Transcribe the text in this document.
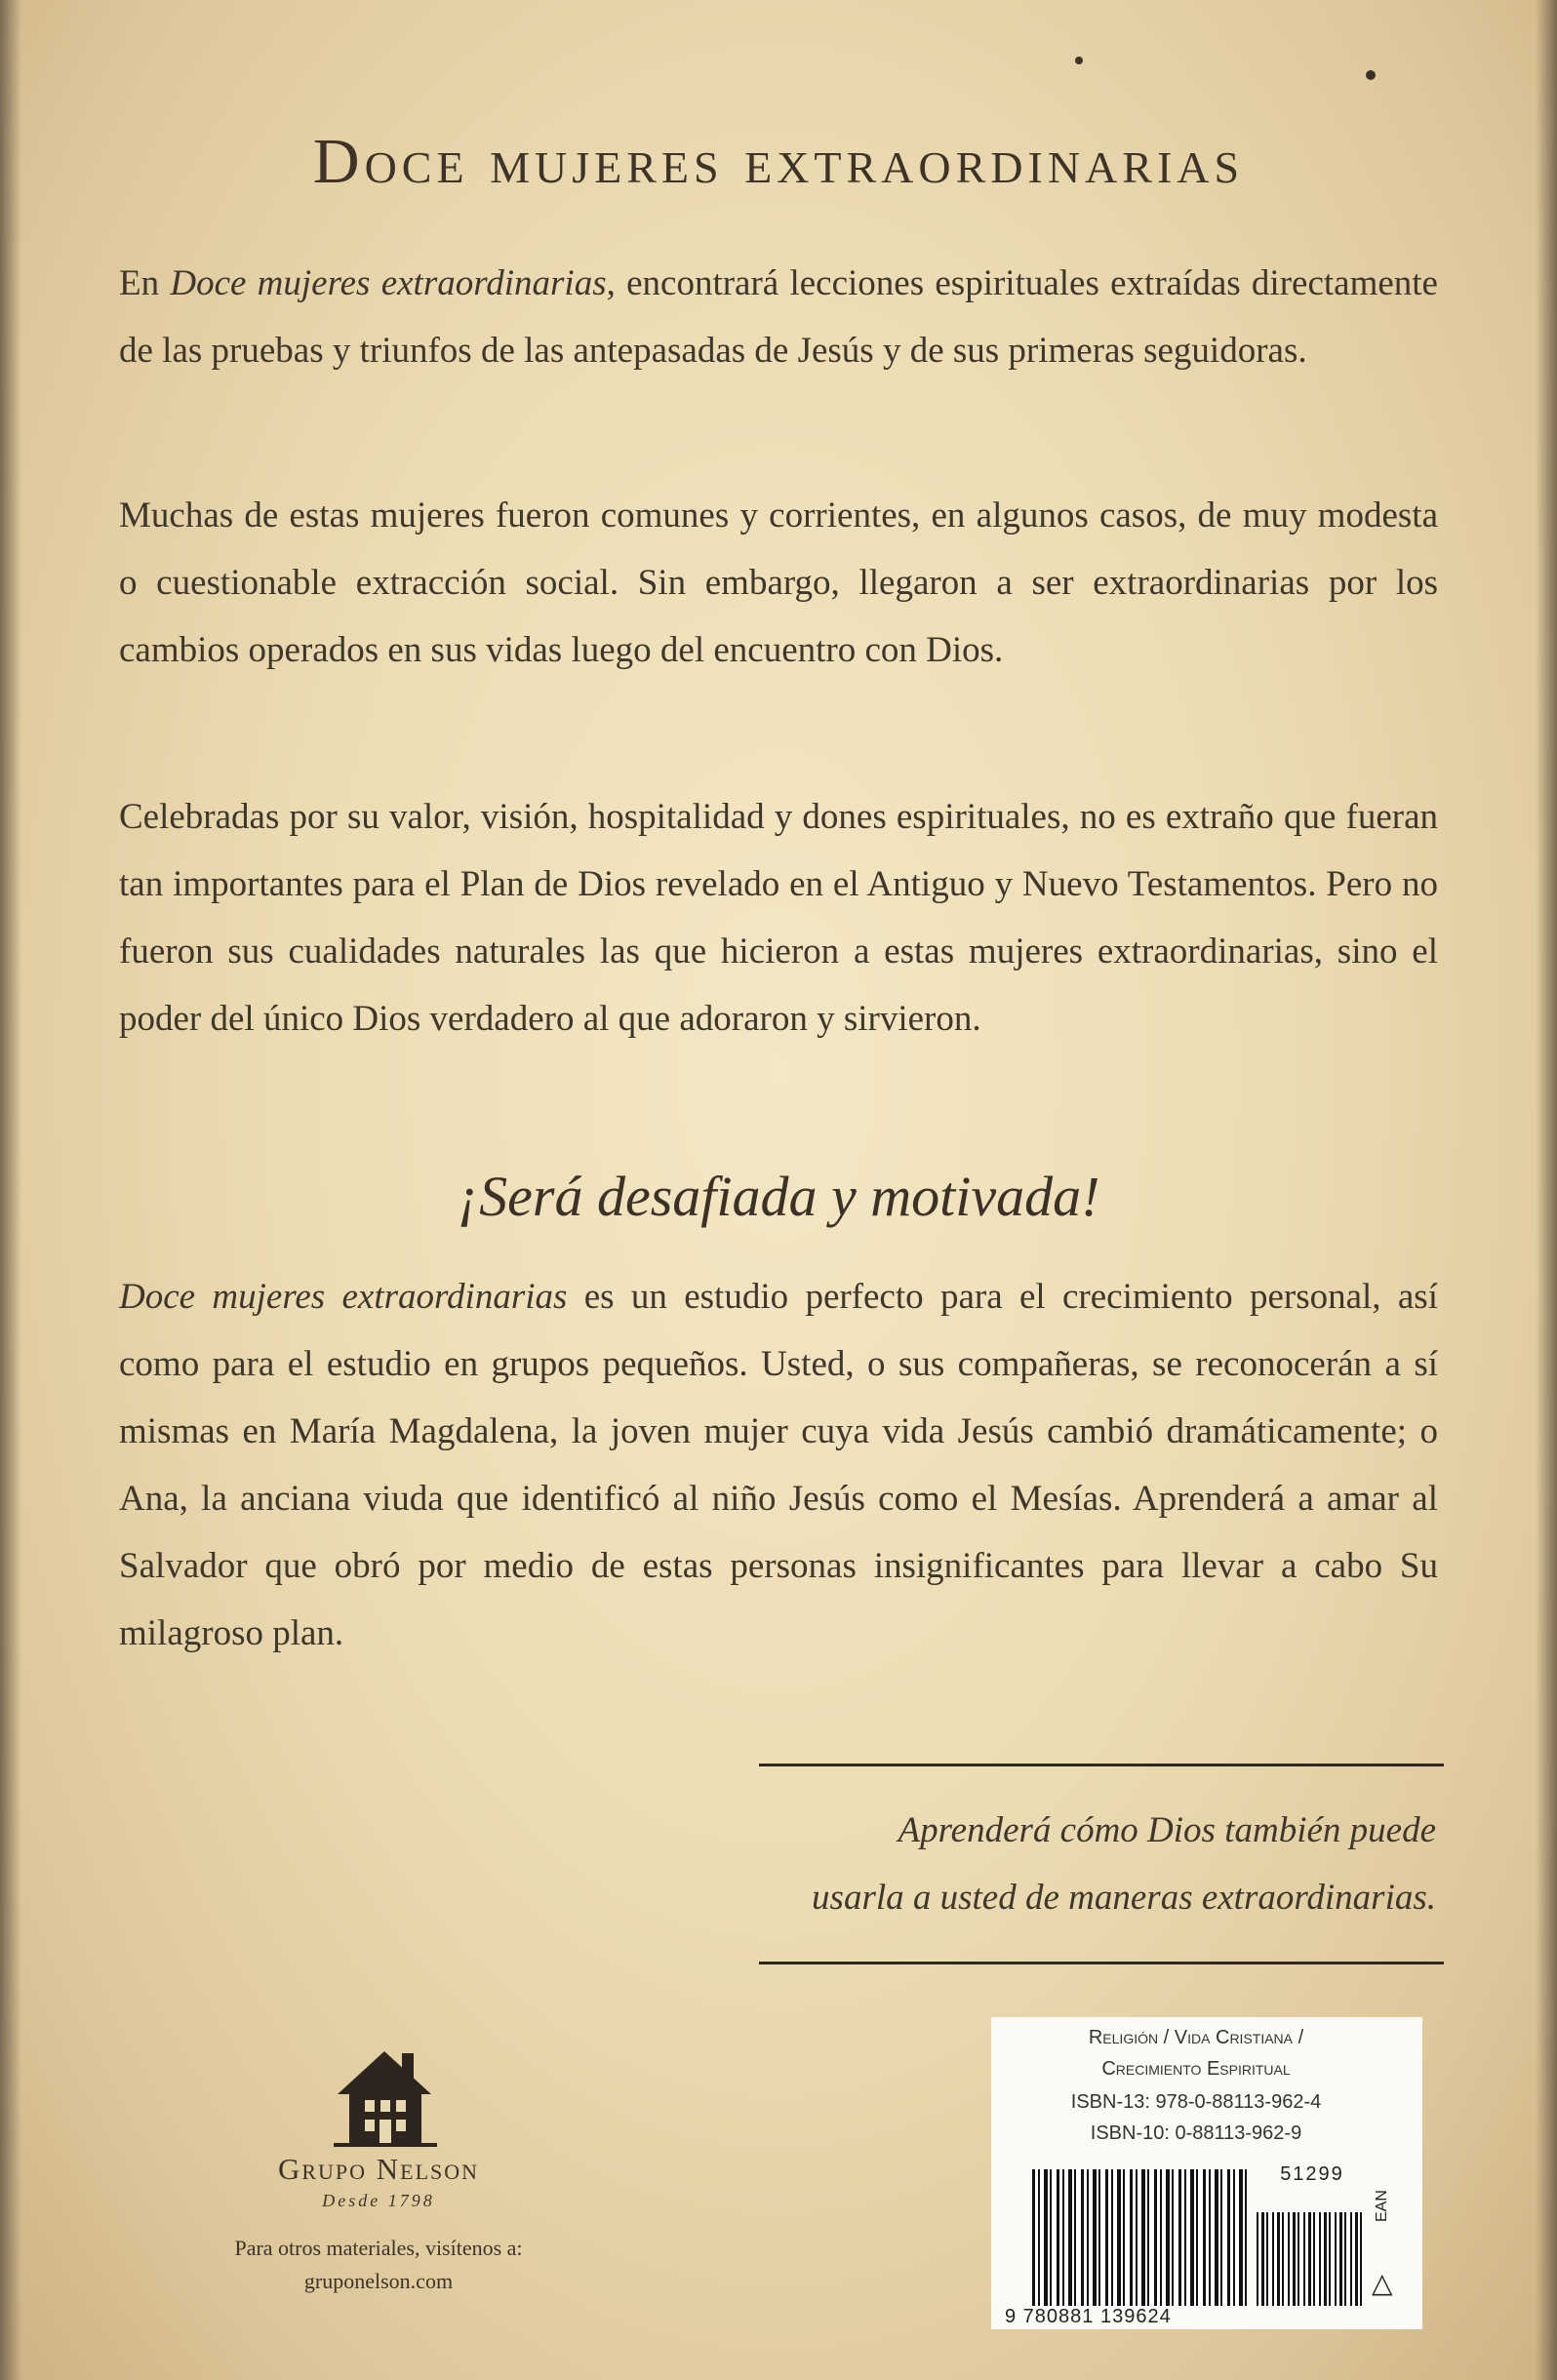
Doce mujeres extraordinarias

En Doce mujeres extraordinarias, encontrará lecciones espirituales extraídas directamente de las pruebas y triunfos de las antepasadas de Jesús y de sus primeras seguidoras.

Muchas de estas mujeres fueron comunes y corrientes, en algunos casos, de muy modesta o cuestionable extracción social. Sin embargo, llegaron a ser extraordinarias por los cambios operados en sus vidas luego del encuentro con Dios.

Celebradas por su valor, visión, hospitalidad y dones espirituales, no es extraño que fueran tan importantes para el Plan de Dios revelado en el Antiguo y Nuevo Testamentos. Pero no fueron sus cualidades naturales las que hicieron a estas mujeres extraordinarias, sino el poder del único Dios verdadero al que adoraron y sirvieron.

¡Será desafiada y motivada!

Doce mujeres extraordinarias es un estudio perfecto para el crecimiento personal, así como para el estudio en grupos pequeños. Usted, o sus compañeras, se reconocerán a sí mismas en María Magdalena, la joven mujer cuya vida Jesús cambió dramáticamente; o Ana, la anciana viuda que identificó al niño Jesús como el Mesías. Aprenderá a amar al Salvador que obró por medio de estas personas insignificantes para llevar a cabo Su milagroso plan.

Aprenderá cómo Dios también puede
usarla a usted de maneras extraordinarias.
Grupo Nelson
Desde 1798
Para otros materiales, visítenos a:
gruponelson.com
Religión / Vida Cristiana /
Crecimiento Espiritual
ISBN-13: 978-0-88113-962-4
ISBN-10: 0-88113-962-9
51299
9 780881 139624
EAN
△
